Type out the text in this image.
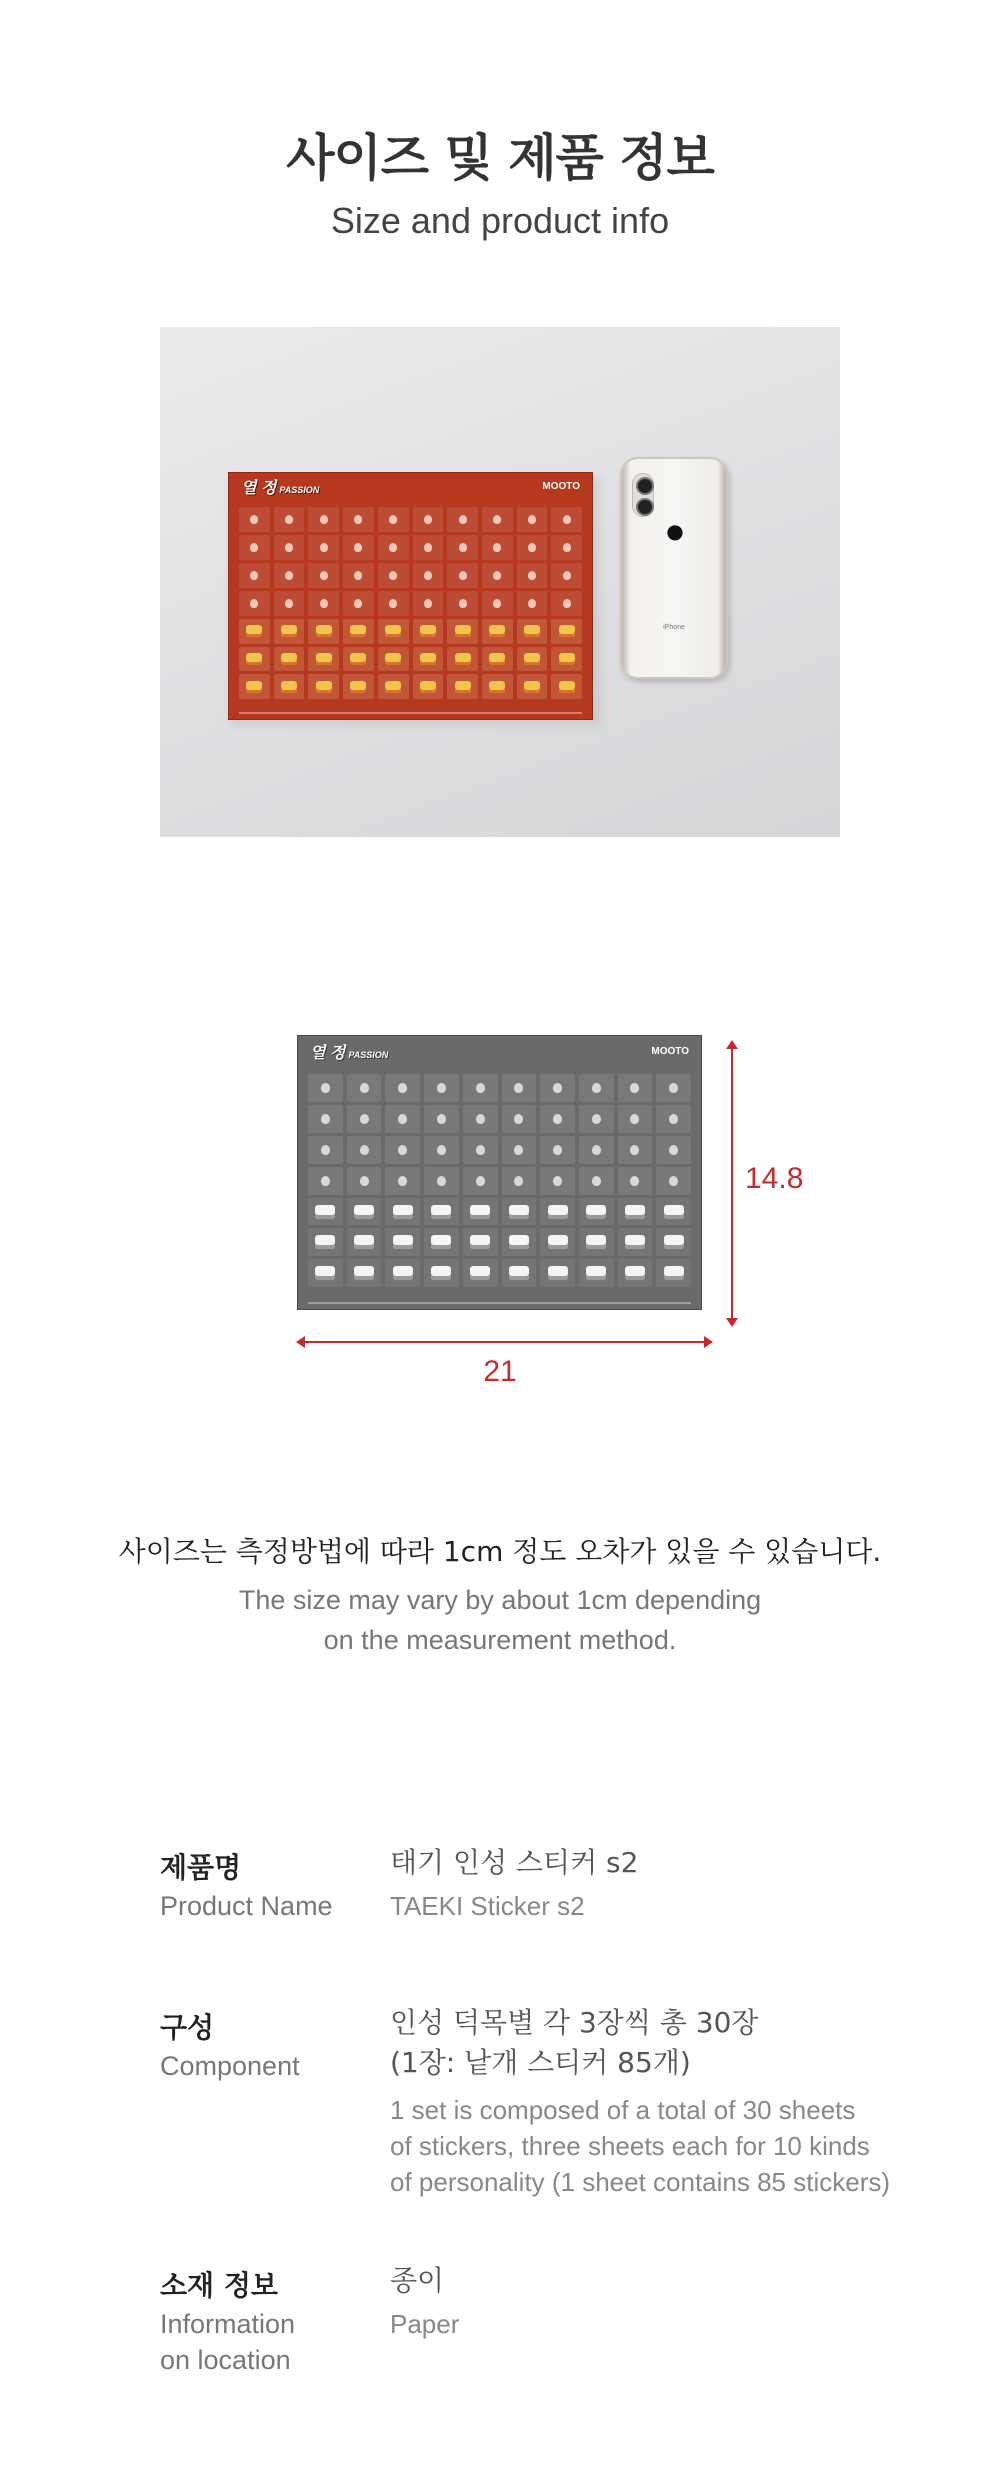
사이즈 및 제품 정보
Size and product info
열 정 PASSION	MOOTO
●
iPhone
열 정 PASSION	MOOTO
14.8
21
사이즈는 측정방법에 따라 1cm 정도 오차가 있을 수 있습니다.
The size may vary by about 1cm depending
on the measurement method.
제품명
Product Name
태기 인성 스티커 s2
TAEKI Sticker s2
구성
Component
인성 덕목별 각 3장씩 총 30장
(1장: 낱개 스티커 85개)
1 set is composed of a total of 30 sheets
of stickers, three sheets each for 10 kinds
of personality (1 sheet contains 85 stickers)
소재 정보
Information
on location
종이
Paper
